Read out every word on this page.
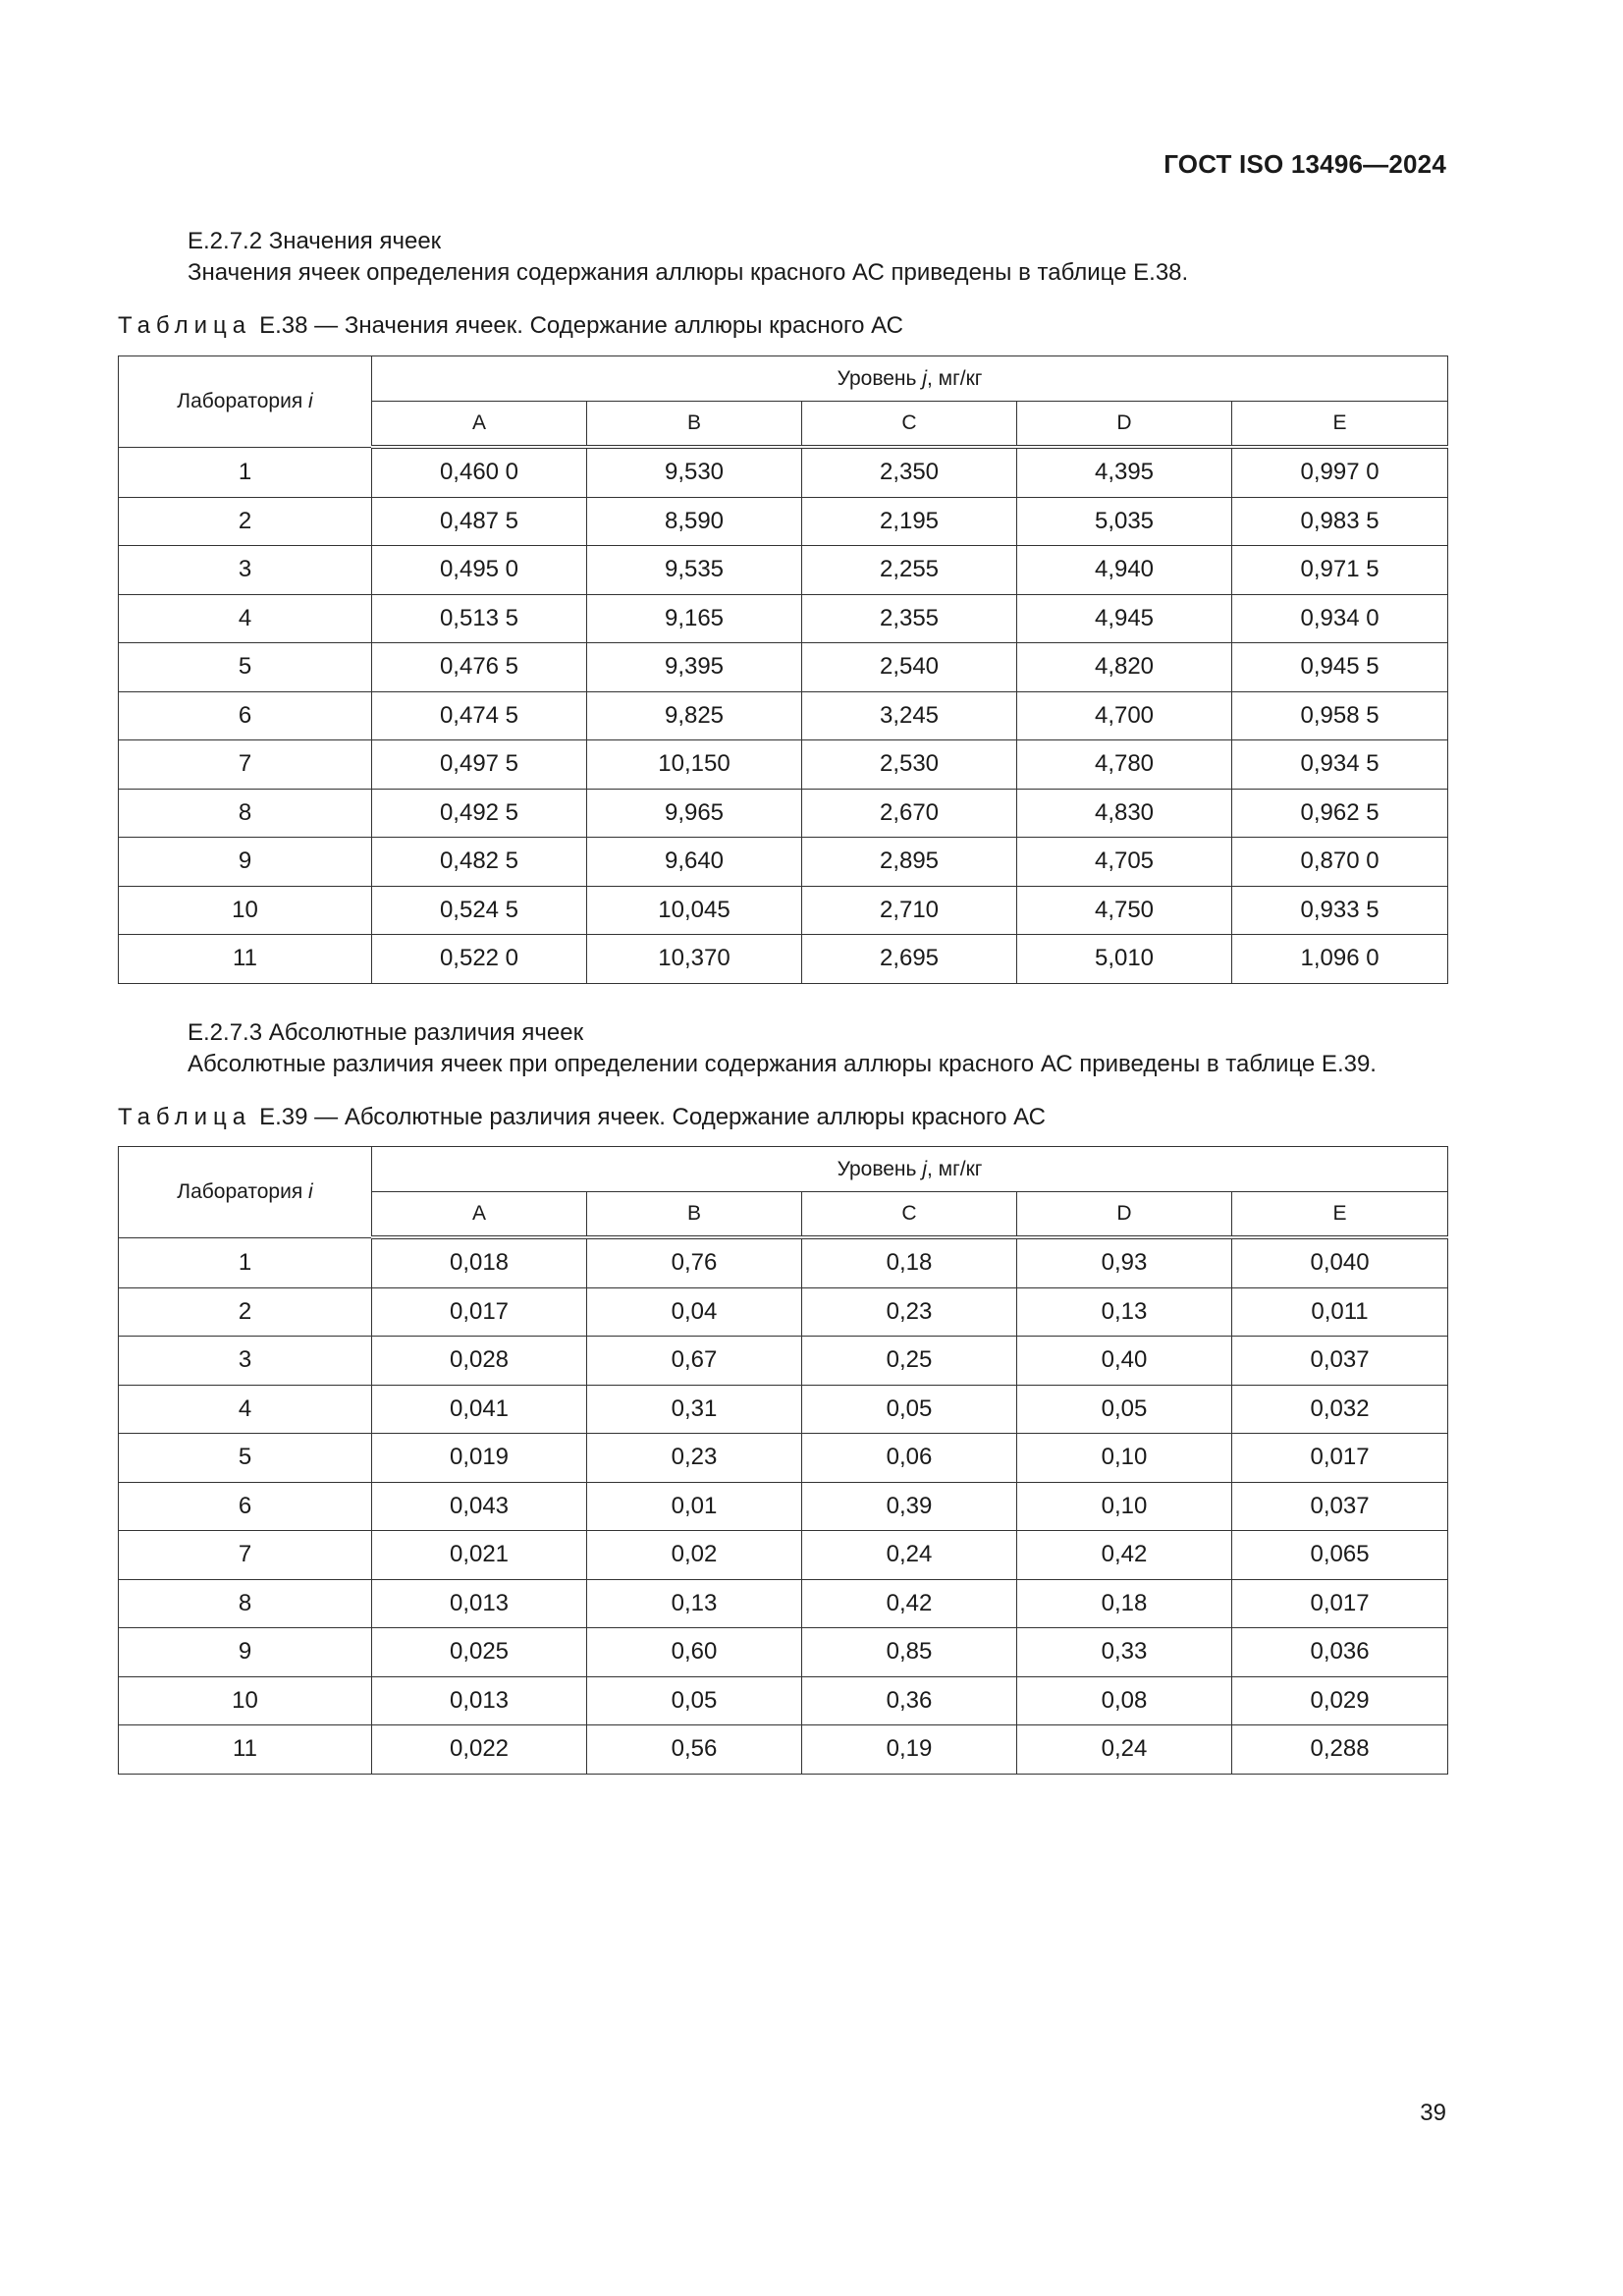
ГОСТ ISO 13496—2024
E.2.7.2 Значения ячеек
Значения ячеек определения содержания аллюры красного АС приведены в таблице E.38.
Таблица E.38 — Значения ячеек. Содержание аллюры красного АС
Лаборатория i	Уровень j, мг/кг				
	A	B	C	D	E
1	0,460 0	9,530	2,350	4,395	0,997 0
2	0,487 5	8,590	2,195	5,035	0,983 5
3	0,495 0	9,535	2,255	4,940	0,971 5
4	0,513 5	9,165	2,355	4,945	0,934 0
5	0,476 5	9,395	2,540	4,820	0,945 5
6	0,474 5	9,825	3,245	4,700	0,958 5
7	0,497 5	10,150	2,530	4,780	0,934 5
8	0,492 5	9,965	2,670	4,830	0,962 5
9	0,482 5	9,640	2,895	4,705	0,870 0
10	0,524 5	10,045	2,710	4,750	0,933 5
11	0,522 0	10,370	2,695	5,010	1,096 0
E.2.7.3 Абсолютные различия ячеек
Абсолютные различия ячеек при определении содержания аллюры красного АС приведены в таблице E.39.
Таблица E.39 — Абсолютные различия ячеек. Содержание аллюры красного АС
Лаборатория i	Уровень j, мг/кг				
	A	B	C	D	E
1	0,018	0,76	0,18	0,93	0,040
2	0,017	0,04	0,23	0,13	0,011
3	0,028	0,67	0,25	0,40	0,037
4	0,041	0,31	0,05	0,05	0,032
5	0,019	0,23	0,06	0,10	0,017
6	0,043	0,01	0,39	0,10	0,037
7	0,021	0,02	0,24	0,42	0,065
8	0,013	0,13	0,42	0,18	0,017
9	0,025	0,60	0,85	0,33	0,036
10	0,013	0,05	0,36	0,08	0,029
11	0,022	0,56	0,19	0,24	0,288
39
